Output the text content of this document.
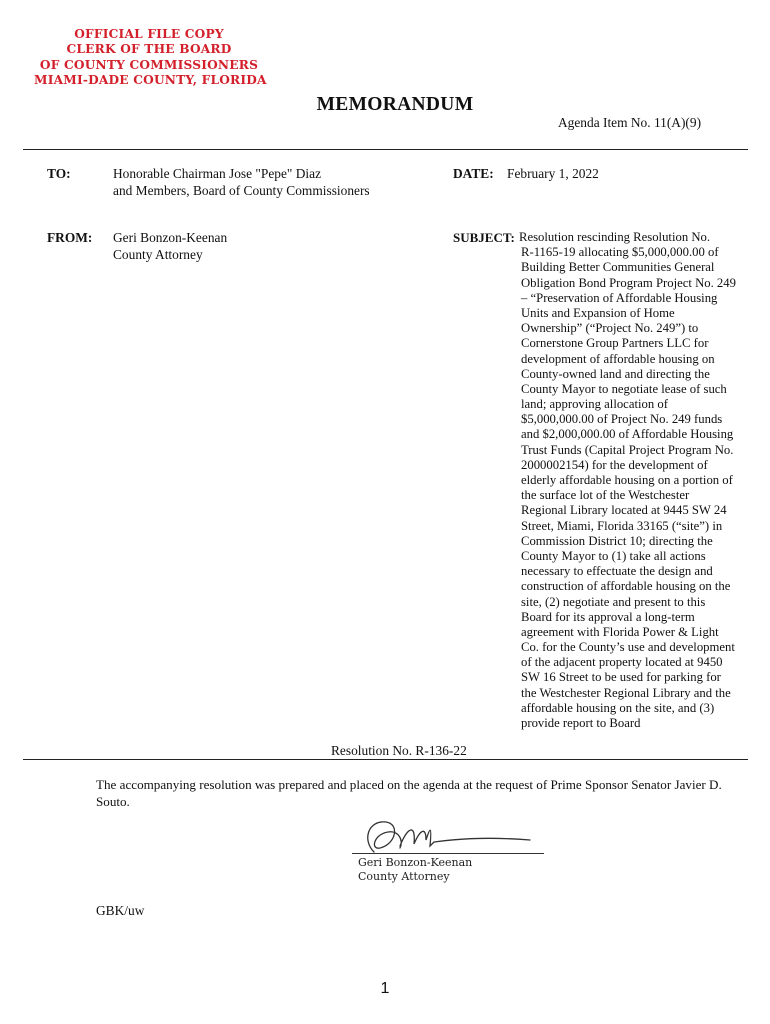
OFFICIAL FILE COPY
CLERK OF THE BOARD
OF COUNTY COMMISSIONERS
MIAMI-DADE COUNTY, FLORIDA
MEMORANDUM
Agenda Item No. 11(A)(9)
TO:	Honorable Chairman Jose "Pepe" Diaz
and Members, Board of County Commissioners
DATE: February 1, 2022
FROM: Geri Bonzon-Keenan
County Attorney
SUBJECT: Resolution rescinding Resolution No.
R-1165-19 allocating $5,000,000.00 of
Building Better Communities General
Obligation Bond Program Project No. 249
– “Preservation of Affordable Housing
Units and Expansion of Home
Ownership” (“Project No. 249”) to
Cornerstone Group Partners LLC for
development of affordable housing on
County-owned land and directing the
County Mayor to negotiate lease of such
land; approving allocation of
$5,000,000.00 of Project No. 249 funds
and $2,000,000.00 of Affordable Housing
Trust Funds (Capital Project Program No.
2000002154) for the development of
elderly affordable housing on a portion of
the surface lot of the Westchester
Regional Library located at 9445 SW 24
Street, Miami, Florida 33165 (“site”) in
Commission District 10; directing the
County Mayor to (1) take all actions
necessary to effectuate the design and
construction of affordable housing on the
site, (2) negotiate and present to this
Board for its approval a long-term
agreement with Florida Power & Light
Co. for the County’s use and development
of the adjacent property located at 9450
SW 16 Street to be used for parking for
the Westchester Regional Library and the
affordable housing on the site, and (3)
provide report to Board
Resolution No. R-136-22
The accompanying resolution was prepared and placed on the agenda at the request of Prime Sponsor Senator Javier D. Souto.
Geri Bonzon-Keenan
County Attorney
GBK/uw
1
